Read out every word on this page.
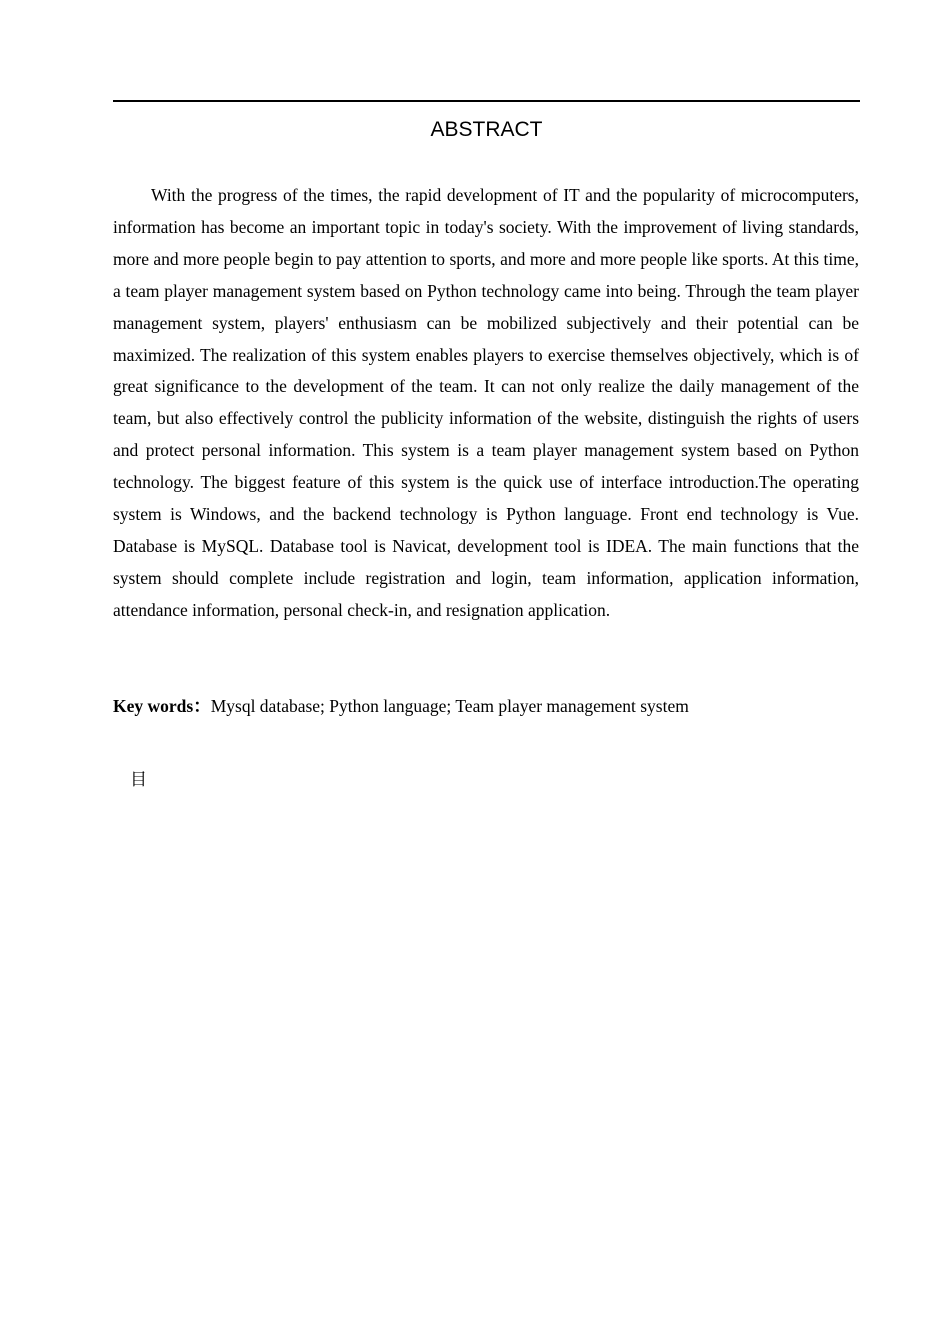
ABSTRACT

With the progress of the times, the rapid development of IT and the popularity of microcomputers, information has become an important topic in today's society. With the improvement of living standards, more and more people begin to pay attention to sports, and more and more people like sports. At this time, a team player management system based on Python technology came into being. Through the team player management system, players' enthusiasm can be mobilized subjectively and their potential can be maximized. The realization of this system enables players to exercise themselves objectively, which is of great significance to the development of the team. It can not only realize the daily management of the team, but also effectively control the publicity information of the website, distinguish the rights of users and protect personal information. This system is a team player management system based on Python technology. The biggest feature of this system is the quick use of interface introduction.The operating system is Windows, and the backend technology is Python language. Front end technology is Vue. Database is MySQL. Database tool is Navicat, development tool is IDEA. The main functions that the system should complete include registration and login, team information, application information, attendance information, personal check-in, and resignation application.

Key words：Mysql database; Python language; Team player management system

目
